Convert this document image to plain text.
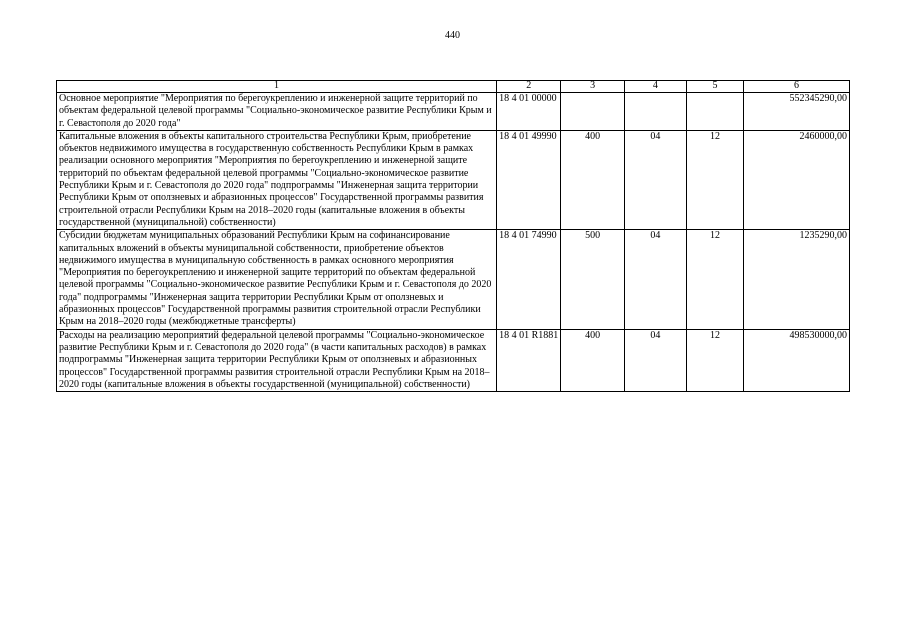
440
1	2	3	4	5	6
Основное мероприятие "Мероприятия по берегоукреплению и инженерной защите территорий по объектам федеральной целевой программы "Социально-экономическое развитие Республики Крым и г. Севастополя до 2020 года"	18 4 01 00000				552345290,00
Капитальные вложения в объекты капитального строительства Республики Крым, приобретение объектов недвижимого имущества в государственную собственность Республики Крым в рамках реализации основного мероприятия "Мероприятия по берегоукреплению и инженерной защите территорий по объектам федеральной целевой программы "Социально-экономическое развитие Республики Крым и г. Севастополя до 2020 года" подпрограммы "Инженерная защита территории Республики Крым от оползневых и абразионных процессов" Государственной программы развития строительной отрасли Республики Крым на 2018–2020 годы (капитальные вложения в объекты государственной (муниципальной) собственности)	18 4 01 49990	400	04	12	2460000,00
Субсидии бюджетам муниципальных образований Республики Крым на софинансирование капитальных вложений в объекты муниципальной собственности, приобретение объектов недвижимого имущества в муниципальную собственность в рамках основного мероприятия "Мероприятия по берегоукреплению и инженерной защите территорий по объектам федеральной целевой программы "Социально-экономическое развитие Республики Крым и г. Севастополя до 2020 года" подпрограммы "Инженерная защита территории Республики Крым от оползневых и абразионных процессов" Государственной программы развития строительной отрасли Республики Крым на 2018–2020 годы (межбюджетные трансферты)	18 4 01 74990	500	04	12	1235290,00
Расходы на реализацию мероприятий федеральной целевой программы "Социально-экономическое развитие Республики Крым и г. Севастополя до 2020 года" (в части капитальных расходов) в рамках подпрограммы "Инженерная защита территории Республики Крым от оползневых и абразионных процессов" Государственной программы развития строительной отрасли Республики Крым на 2018–2020 годы (капитальные вложения в объекты государственной (муниципальной) собственности)	18 4 01 R1881	400	04	12	498530000,00
